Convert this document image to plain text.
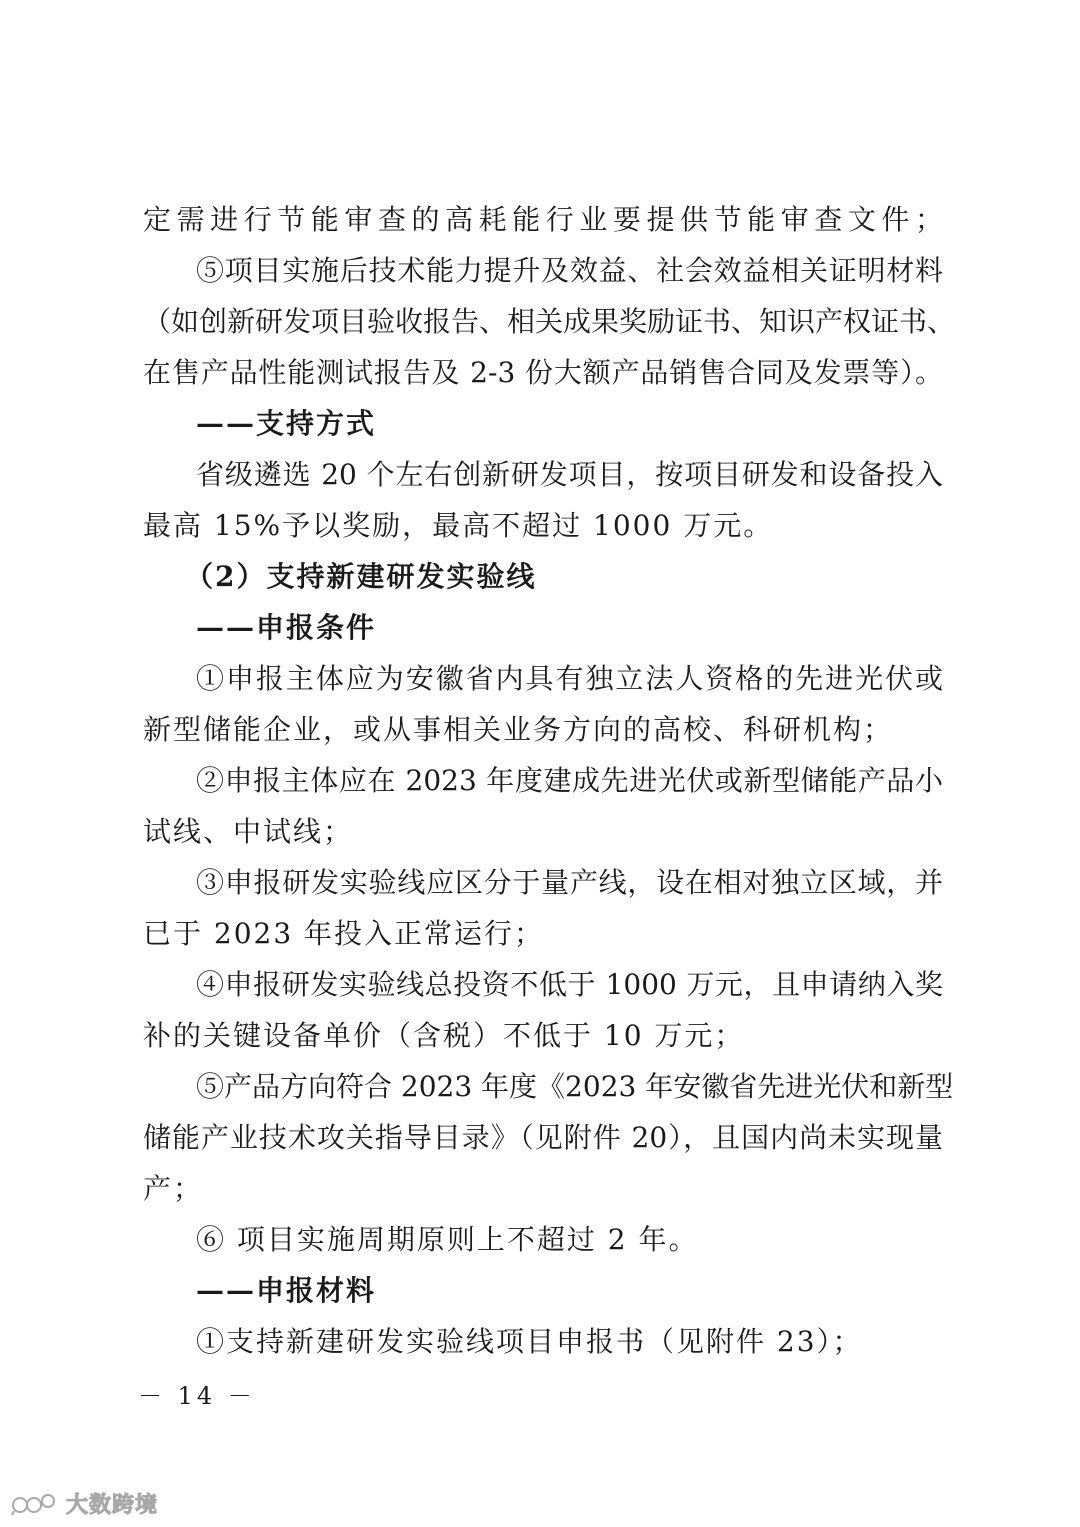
定需进行节能审查的高耗能行业要提供节能审查文件；
⑤项目实施后技术能力提升及效益、社会效益相关证明材料
（如创新研发项目验收报告、相关成果奖励证书、知识产权证书、
在售产品性能测试报告及 2-3 份大额产品销售合同及发票等）。
——支持方式
省级遴选 20 个左右创新研发项目，按项目研发和设备投入
最高 15%予以奖励，最高不超过 1000 万元。
（2）支持新建研发实验线
——申报条件
①申报主体应为安徽省内具有独立法人资格的先进光伏或
新型储能企业，或从事相关业务方向的高校、科研机构；
②申报主体应在 2023 年度建成先进光伏或新型储能产品小
试线、中试线；
③申报研发实验线应区分于量产线，设在相对独立区域，并
已于 2023 年投入正常运行；
④申报研发实验线总投资不低于 1000 万元，且申请纳入奖
补的关键设备单价（含税）不低于 10 万元；
⑤产品方向符合 2023 年度《2023 年安徽省先进光伏和新型
储能产业技术攻关指导目录》（见附件 20），且国内尚未实现量
产；
⑥ 项目实施周期原则上不超过 2 年。
——申报材料
①支持新建研发实验线项目申报书（见附件 23）；
－ 14 －
大数跨境
